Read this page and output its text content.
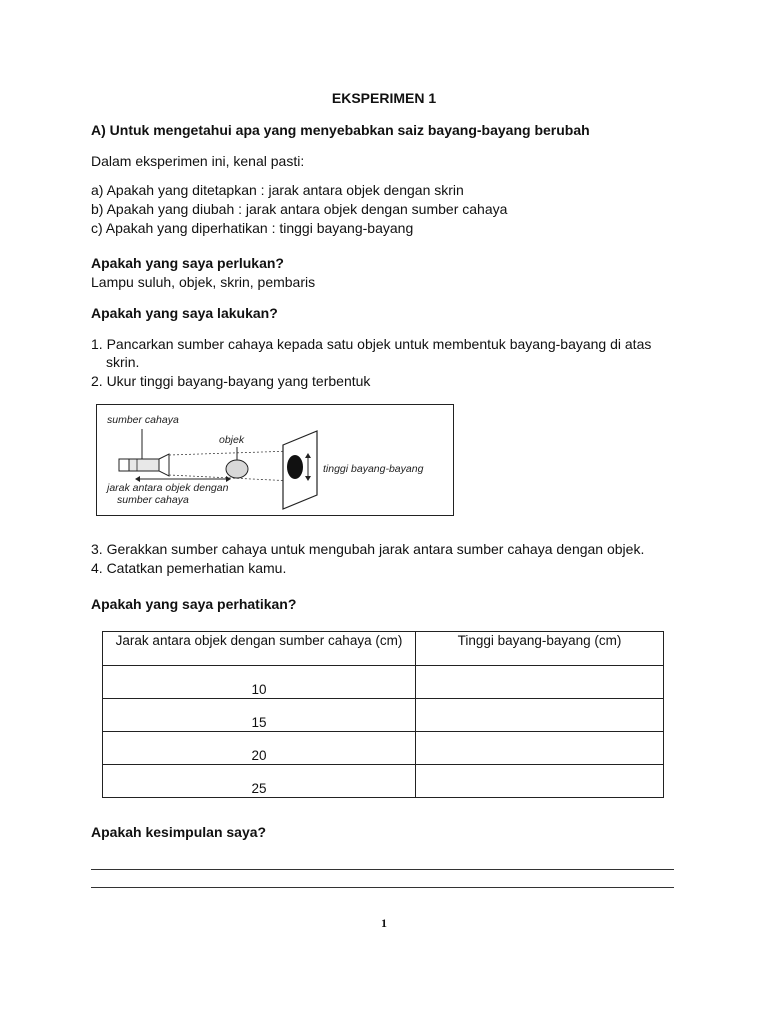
EKSPERIMEN 1
A) Untuk mengetahui apa yang menyebabkan saiz bayang-bayang berubah
Dalam eksperimen ini, kenal pasti:
a) Apakah yang ditetapkan : jarak antara objek dengan skrin
b) Apakah yang diubah : jarak antara objek dengan sumber cahaya
c) Apakah yang diperhatikan : tinggi bayang-bayang
Apakah yang saya perlukan?
Lampu suluh, objek, skrin, pembaris
Apakah yang saya lakukan?
1. Pancarkan sumber cahaya kepada satu objek untuk membentuk bayang-bayang di atas
skrin.
2. Ukur tinggi bayang-bayang yang terbentuk
sumber cahaya
objek
tinggi bayang-bayang
jarak antara objek dengan
sumber cahaya
3. Gerakkan sumber cahaya untuk mengubah jarak antara sumber cahaya dengan objek.
4. Catatkan pemerhatian kamu.
Apakah yang saya perhatikan?
Jarak antara objek dengan sumber cahaya (cm)	Tinggi bayang-bayang (cm)
10	
15	
20	
25	
Apakah kesimpulan saya?
1
